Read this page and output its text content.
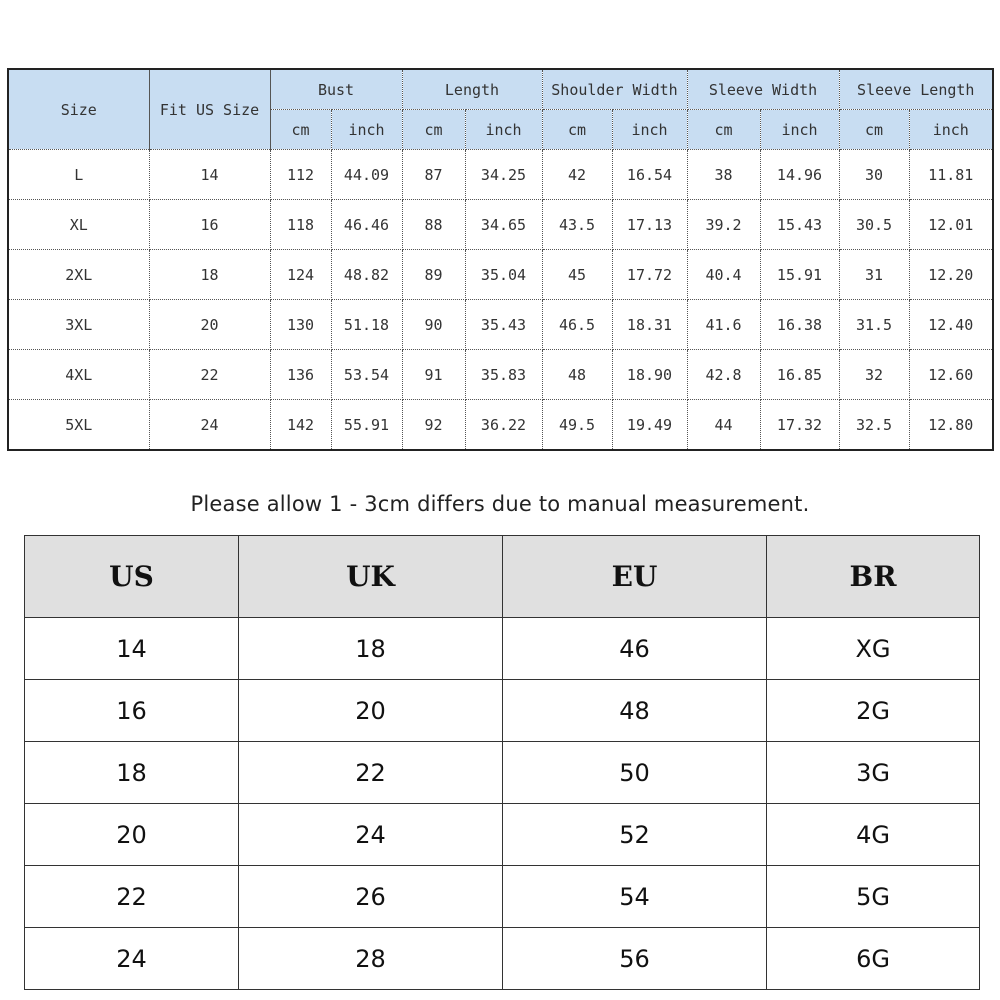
Size	Fit US Size	Bust		Length		Shoulder Width		Sleeve Width		Sleeve Length	
		cm	inch	cm	inch	cm	inch	cm	inch	cm	inch
L	14	112	44.09	87	34.25	42	16.54	38	14.96	30	11.81
XL	16	118	46.46	88	34.65	43.5	17.13	39.2	15.43	30.5	12.01
2XL	18	124	48.82	89	35.04	45	17.72	40.4	15.91	31	12.20
3XL	20	130	51.18	90	35.43	46.5	18.31	41.6	16.38	31.5	12.40
4XL	22	136	53.54	91	35.83	48	18.90	42.8	16.85	32	12.60
5XL	24	142	55.91	92	36.22	49.5	19.49	44	17.32	32.5	12.80
Please allow 1 - 3cm differs due to manual measurement.
US	UK	EU	BR
14	18	46	XG
16	20	48	2G
18	22	50	3G
20	24	52	4G
22	26	54	5G
24	28	56	6G
